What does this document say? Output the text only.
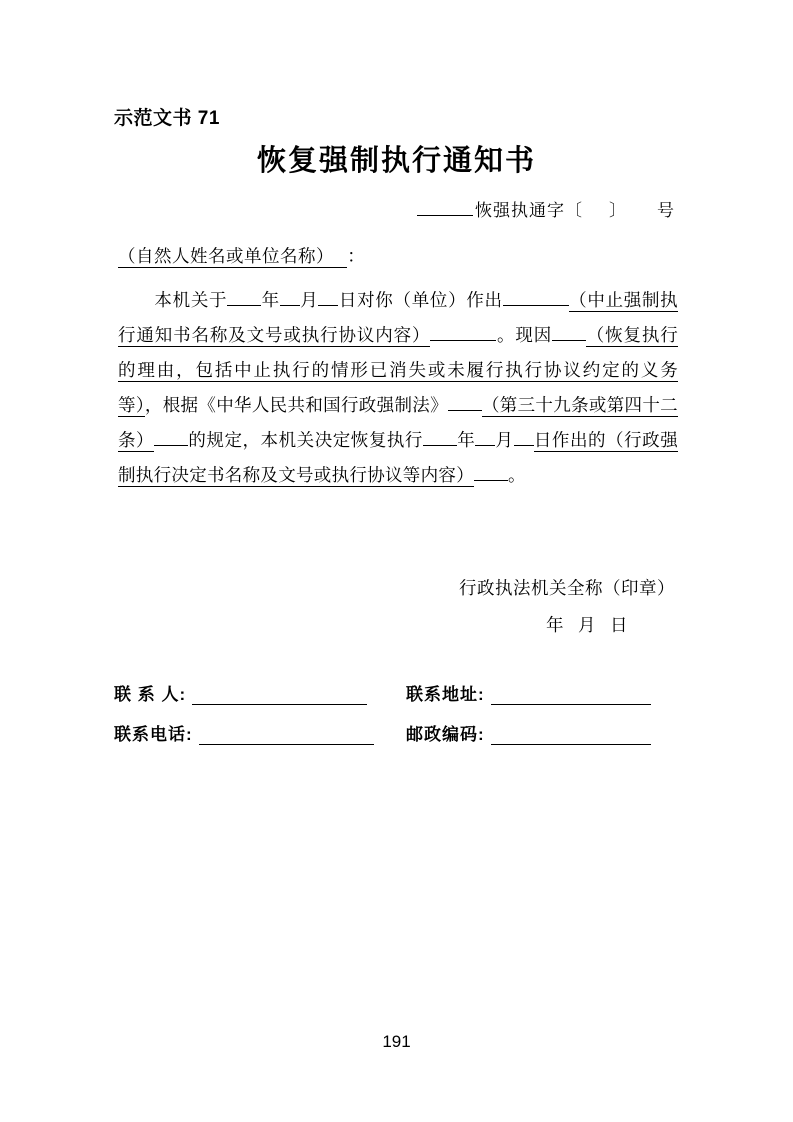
示范文书 71
恢复强制执行通知书
恢强执通字〔 〕 号
（自然人姓名或单位名称） ：
本机关于 年 月 日对你（单位）作出	（中止强制执行通知书名称及文号或执行协议内容）	。现因 （恢复执行的理由，包括中止执行的情形已消失或未履行执行协议约定的义务等），根据《中华人民共和国行政强制法》 （第三十九条或第四十二条） 的规定，本机关决定恢复执行 年 月 日作出的（行政强制执行决定书名称及文号或执行协议等内容） 。
行政执法机关全称（印章）
年 月 日
联 系 人:	联系地址:
联系电话:	邮政编码:
191
